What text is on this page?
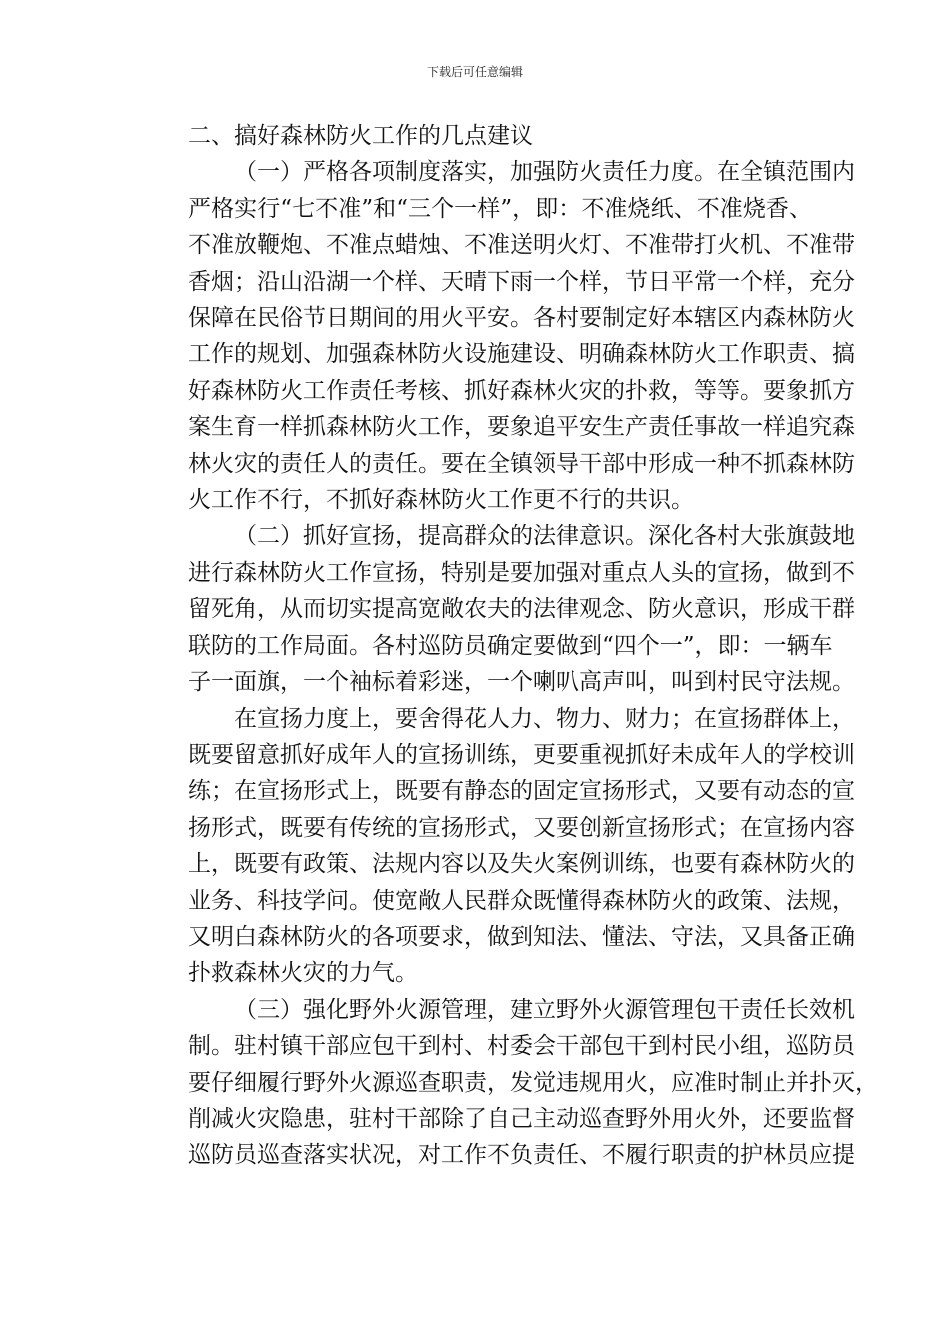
下载后可任意编辑
二、搞好森林防火工作的几点建议
（一）严格各项制度落实，加强防火责任力度。在全镇范围内
严格实行“七不准”和“三个一样”，即：不准烧纸、不准烧香、
不准放鞭炮、不准点蜡烛、不准送明火灯、不准带打火机、不准带
香烟；沿山沿湖一个样、天晴下雨一个样，节日平常一个样，充分
保障在民俗节日期间的用火平安。各村要制定好本辖区内森林防火
工作的规划、加强森林防火设施建设、明确森林防火工作职责、搞
好森林防火工作责任考核、抓好森林火灾的扑救，等等。要象抓方
案生育一样抓森林防火工作，要象追平安生产责任事故一样追究森
林火灾的责任人的责任。要在全镇领导干部中形成一种不抓森林防
火工作不行，不抓好森林防火工作更不行的共识。
（二）抓好宣扬，提高群众的法律意识。深化各村大张旗鼓地
进行森林防火工作宣扬，特别是要加强对重点人头的宣扬，做到不
留死角，从而切实提高宽敞农夫的法律观念、防火意识，形成干群
联防的工作局面。各村巡防员确定要做到“四个一”，即：一辆车
子一面旗，一个袖标着彩迷，一个喇叭高声叫，叫到村民守法规。
在宣扬力度上，要舍得花人力、物力、财力；在宣扬群体上，
既要留意抓好成年人的宣扬训练，更要重视抓好未成年人的学校训
练；在宣扬形式上，既要有静态的固定宣扬形式，又要有动态的宣
扬形式，既要有传统的宣扬形式，又要创新宣扬形式；在宣扬内容
上，既要有政策、法规内容以及失火案例训练，也要有森林防火的
业务、科技学问。使宽敞人民群众既懂得森林防火的政策、法规，
又明白森林防火的各项要求，做到知法、懂法、守法，又具备正确
扑救森林火灾的力气。
（三）强化野外火源管理，建立野外火源管理包干责任长效机
制。驻村镇干部应包干到村、村委会干部包干到村民小组，巡防员
要仔细履行野外火源巡查职责，发觉违规用火，应准时制止并扑灭，
削减火灾隐患，驻村干部除了自己主动巡查野外用火外，还要监督
巡防员巡查落实状况，对工作不负责任、不履行职责的护林员应提
